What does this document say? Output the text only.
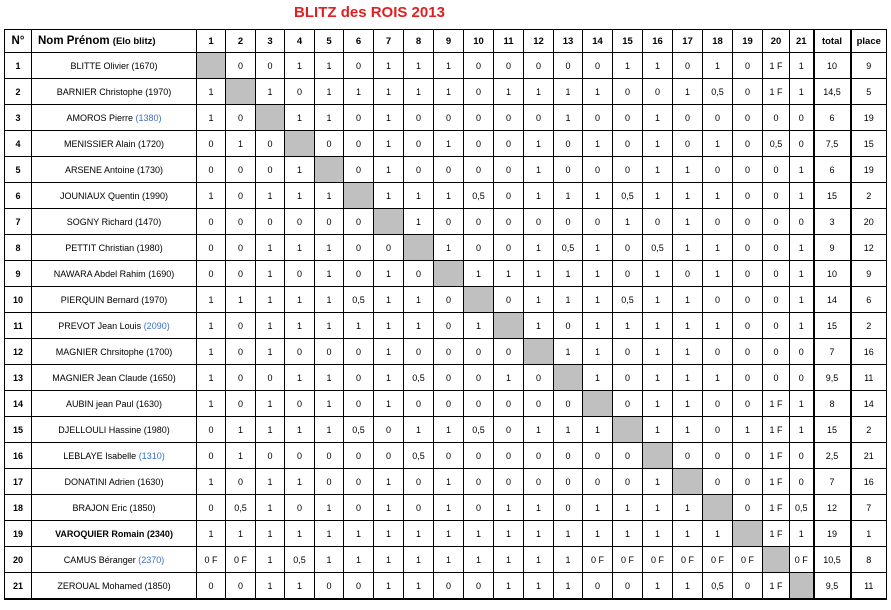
BLITZ des ROIS 2013
N°	Nom Prénom (Elo blitz)	1	2	3	4	5	6	7	8	9	10	11	12	13	14	15	16	17	18	19	20	21	total	place
1	BLITTE Olivier (1670)		0	0	1	1	0	1	1	1	0	0	0	0	0	1	1	0	1	0	1 F	1	10	9
2	BARNIER Christophe (1970)	1		1	0	1	1	1	1	1	0	1	1	1	1	0	0	1	0,5	0	1 F	1	14,5	5
3	AMOROS Pierre (1380)	1	0		1	1	0	1	0	0	0	0	0	1	0	0	1	0	0	0	0	0	6	19
4	MENISSIER Alain (1720)	0	1	0		0	0	1	0	1	0	0	1	0	1	0	1	0	1	0	0,5	0	7,5	15
5	ARSENE Antoine (1730)	0	0	0	1		0	1	0	0	0	0	1	0	0	0	1	1	0	0	0	1	6	19
6	JOUNIAUX Quentin (1990)	1	0	1	1	1		1	1	1	0,5	0	1	1	1	0,5	1	1	1	0	0	1	15	2
7	SOGNY Richard (1470)	0	0	0	0	0	0		1	0	0	0	0	0	0	1	0	1	0	0	0	0	3	20
8	PETTIT Christian (1980)	0	0	1	1	1	0	0		1	0	0	1	0,5	1	0	0,5	1	1	0	0	1	9	12
9	NAWARA Abdel Rahim (1690)	0	0	1	0	1	0	1	0		1	1	1	1	1	0	1	0	1	0	0	1	10	9
10	PIERQUIN Bernard (1970)	1	1	1	1	1	0,5	1	1	0		0	1	1	1	0,5	1	1	0	0	0	1	14	6
11	PREVOT Jean Louis (2090)	1	0	1	1	1	1	1	1	0	1		1	0	1	1	1	1	1	0	0	1	15	2
12	MAGNIER Chrsitophe (1700)	1	0	1	0	0	0	1	0	0	0	0		1	1	0	1	1	0	0	0	0	7	16
13	MAGNIER Jean Claude (1650)	1	0	0	1	1	0	1	0,5	0	0	1	0		1	0	1	1	1	0	0	0	9,5	11
14	AUBIN jean Paul (1630)	1	0	1	0	1	0	1	0	0	0	0	0	0		0	1	1	0	0	1 F	1	8	14
15	DJELLOULI Hassine (1980)	0	1	1	1	1	0,5	0	1	1	0,5	0	1	1	1		1	1	0	1	1 F	1	15	2
16	LEBLAYE Isabelle (1310)	0	1	0	0	0	0	0	0,5	0	0	0	0	0	0	0		0	0	0	1 F	0	2,5	21
17	DONATINI Adrien (1630)	1	0	1	1	0	0	1	0	1	0	0	0	0	0	0	1		0	0	1 F	0	7	16
18	BRAJON Eric (1850)	0	0,5	1	0	1	0	1	0	1	0	1	1	0	1	1	1	1		0	1 F	0,5	12	7
19	VAROQUIER Romain (2340)	1	1	1	1	1	1	1	1	1	1	1	1	1	1	1	1	1	1		1 F	1	19	1
20	CAMUS Béranger (2370)	0 F	0 F	1	0,5	1	1	1	1	1	1	1	1	1	0 F	0 F	0 F	0 F	0 F	0 F		0 F	10,5	8
21	ZEROUAL Mohamed (1850)	0	0	1	1	0	0	1	1	0	0	1	1	1	0	0	1	1	0,5	0	1 F		9,5	11
